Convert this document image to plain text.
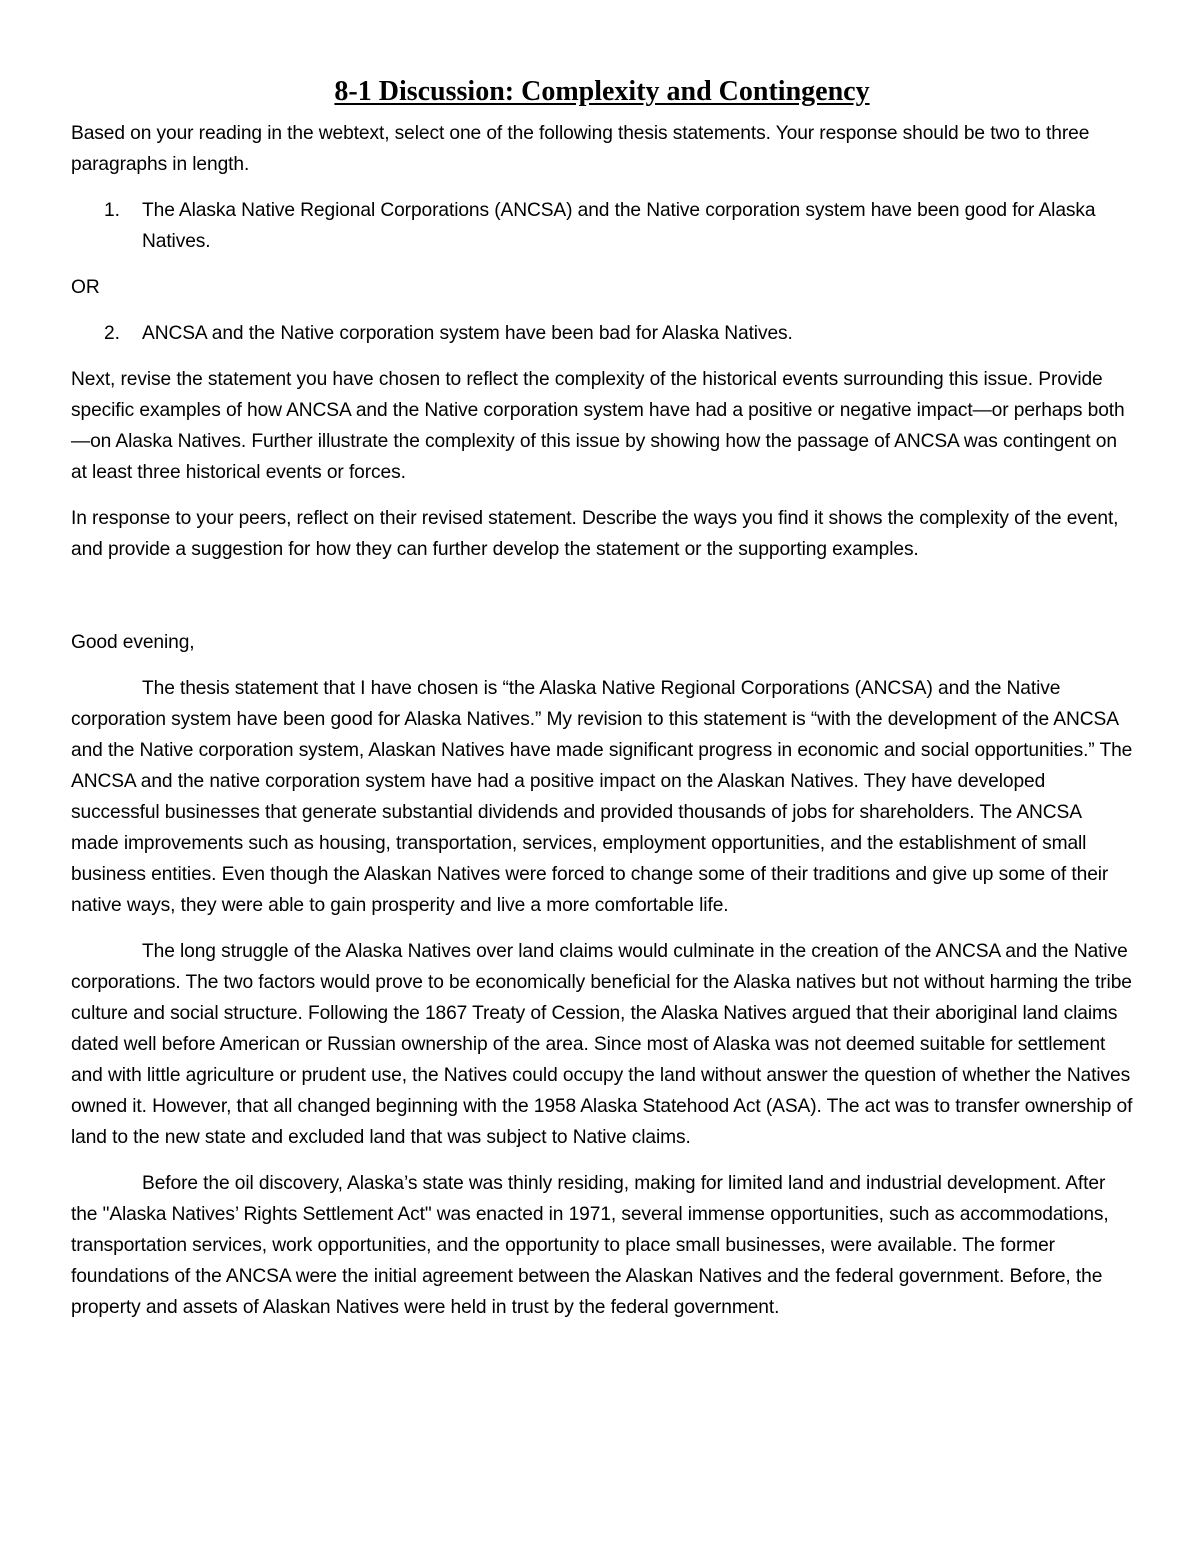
8-1 Discussion: Complexity and Contingency

Based on your reading in the webtext, select one of the following thesis statements. Your response should be two to three paragraphs in length.

1. The Alaska Native Regional Corporations (ANCSA) and the Native corporation system have been good for Alaska Natives.

OR

2. ANCSA and the Native corporation system have been bad for Alaska Natives.

Next, revise the statement you have chosen to reflect the complexity of the historical events surrounding this issue. Provide specific examples of how ANCSA and the Native corporation system have had a positive or negative impact—or perhaps both—on Alaska Natives. Further illustrate the complexity of this issue by showing how the passage of ANCSA was contingent on at least three historical events or forces.

In response to your peers, reflect on their revised statement. Describe the ways you find it shows the complexity of the event, and provide a suggestion for how they can further develop the statement or the supporting examples.

Good evening,

The thesis statement that I have chosen is “the Alaska Native Regional Corporations (ANCSA) and the Native corporation system have been good for Alaska Natives.” My revision to this statement is “with the development of the ANCSA and the Native corporation system, Alaskan Natives have made significant progress in economic and social opportunities.” The ANCSA and the native corporation system have had a positive impact on the Alaskan Natives. They have developed successful businesses that generate substantial dividends and provided thousands of jobs for shareholders. The ANCSA made improvements such as housing, transportation, services, employment opportunities, and the establishment of small business entities. Even though the Alaskan Natives were forced to change some of their traditions and give up some of their native ways, they were able to gain prosperity and live a more comfortable life.

The long struggle of the Alaska Natives over land claims would culminate in the creation of the ANCSA and the Native corporations. The two factors would prove to be economically beneficial for the Alaska natives but not without harming the tribe culture and social structure. Following the 1867 Treaty of Cession, the Alaska Natives argued that their aboriginal land claims dated well before American or Russian ownership of the area. Since most of Alaska was not deemed suitable for settlement and with little agriculture or prudent use, the Natives could occupy the land without answer the question of whether the Natives owned it. However, that all changed beginning with the 1958 Alaska Statehood Act (ASA). The act was to transfer ownership of land to the new state and excluded land that was subject to Native claims.

Before the oil discovery, Alaska’s state was thinly residing, making for limited land and industrial development. After the "Alaska Natives’ Rights Settlement Act" was enacted in 1971, several immense opportunities, such as accommodations, transportation services, work opportunities, and the opportunity to place small businesses, were available. The former foundations of the ANCSA were the initial agreement between the Alaskan Natives and the federal government. Before, the property and assets of Alaskan Natives were held in trust by the federal government.
